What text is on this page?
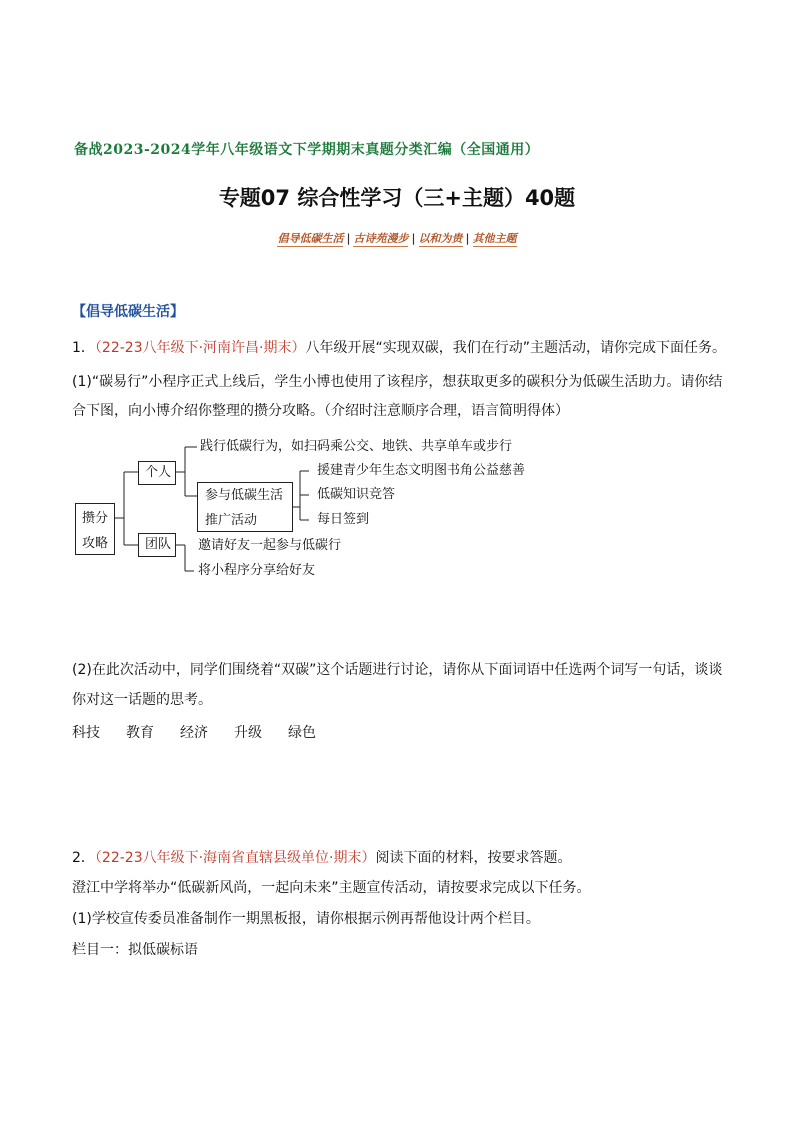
备战2023-2024学年八年级语文下学期期末真题分类汇编（全国通用）
专题07 综合性学习（三+主题）40题
倡导低碳生活 | 古诗苑漫步 | 以和为贵 | 其他主题
【倡导低碳生活】
1．（22-23八年级下·河南许昌·期末）八年级开展“实现双碳，我们在行动”主题活动，请你完成下面任务。
(1)“碳易行”小程序正式上线后，学生小博也使用了该程序，想获取更多的碳积分为低碳生活助力。请你结
合下图，向小博介绍你整理的攒分攻略。（介绍时注意顺序合理，语言简明得体）
攒分
攻略
个人
团队
践行低碳行为，如扫码乘公交、地铁、共享单车或步行
参与低碳生活
推广活动
援建青少年生态文明图书角公益慈善
低碳知识竞答
每日签到
邀请好友一起参与低碳行
将小程序分享给好友
(2)在此次活动中，同学们围绕着“双碳”这个话题进行讨论，请你从下面词语中任选两个词写一句话，谈谈
你对这一话题的思考。
科技 教育 经济 升级 绿色
2．（22-23八年级下·海南省直辖县级单位·期末）阅读下面的材料，按要求答题。
澄江中学将举办“低碳新风尚，一起向未来”主题宣传活动，请按要求完成以下任务。
(1)学校宣传委员准备制作一期黑板报，请你根据示例再帮他设计两个栏目。
栏目一：拟低碳标语
